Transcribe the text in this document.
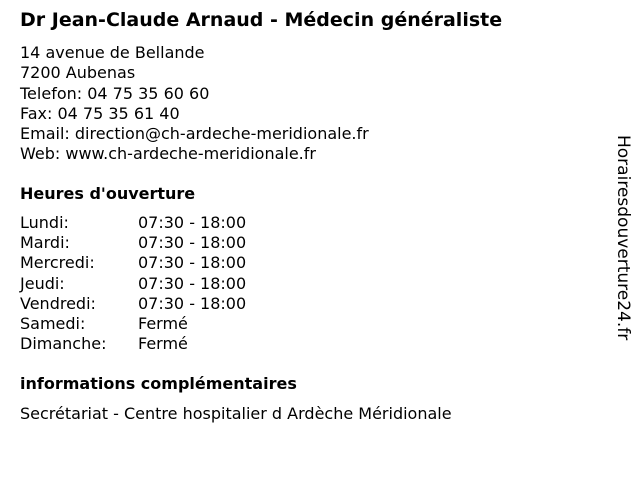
Dr Jean-Claude Arnaud - Médecin généraliste
14 avenue de Bellande
7200 Aubenas
Telefon: 04 75 35 60 60
Fax: 04 75 35 61 40
Email: direction@ch-ardeche-meridionale.fr
Web: www.ch-ardeche-meridionale.fr
Heures d'ouverture
Lundi:	07:30 - 18:00
Mardi:	07:30 - 18:00
Mercredi:	07:30 - 18:00
Jeudi:	07:30 - 18:00
Vendredi:	07:30 - 18:00
Samedi:	Fermé
Dimanche: Fermé
informations complémentaires
Secrétariat - Centre hospitalier d Ardèche Méridionale
Horairesdouverture24.fr
